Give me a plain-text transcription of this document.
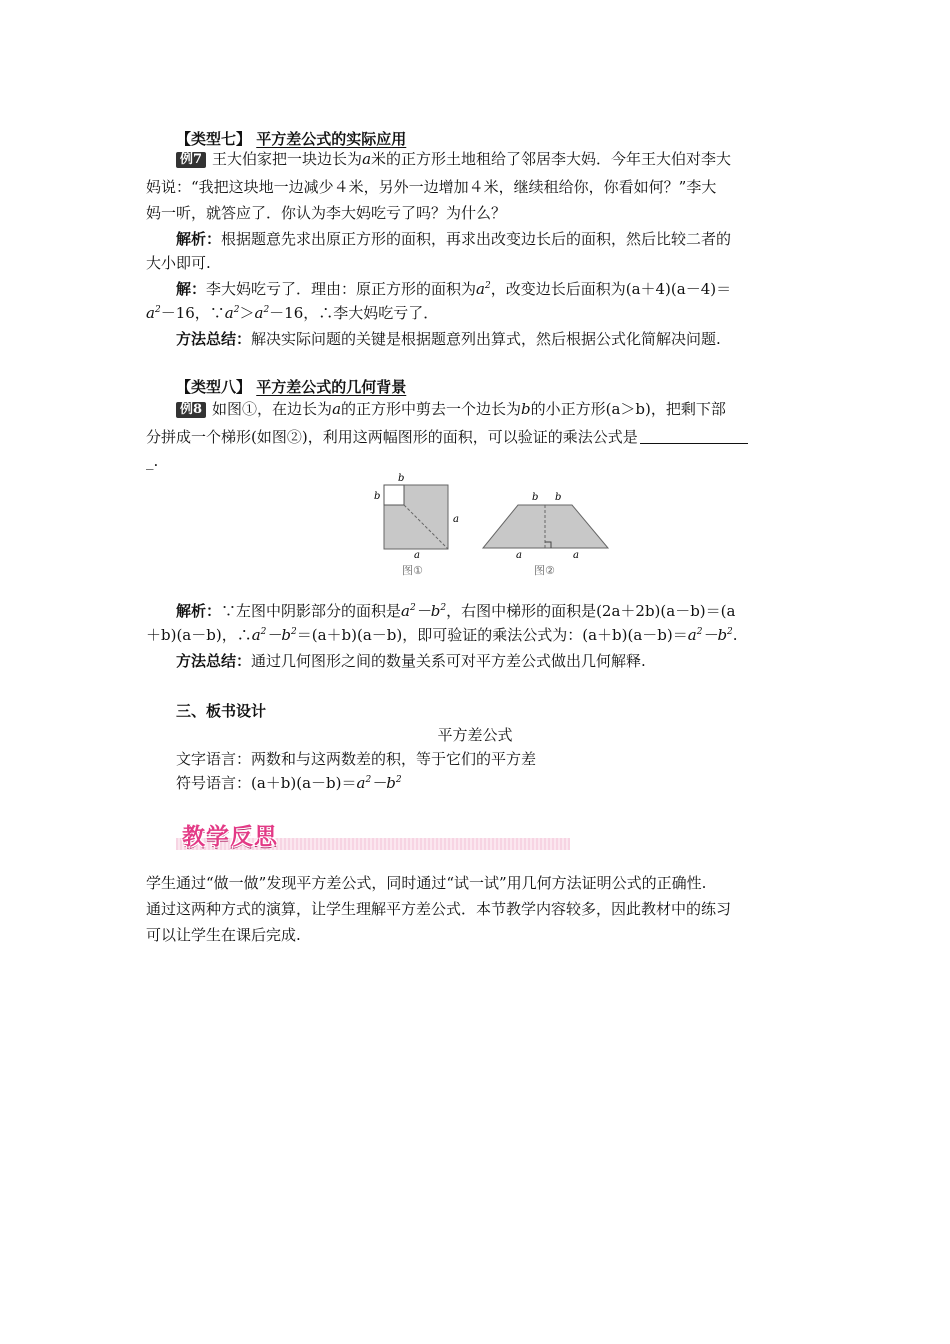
【类型七】 平方差公式的实际应用
例7 王大伯家把一块边长为a米的正方形土地租给了邻居李大妈．今年王大伯对李大
妈说：“我把这块地一边减少４米，另外一边增加４米，继续租给你，你看如何？”李大
妈一听，就答应了．你认为李大妈吃亏了吗？为什么？
解析：根据题意先求出原正方形的面积，再求出改变边长后的面积，然后比较二者的
大小即可.
解：李大妈吃亏了．理由：原正方形的面积为$a^2$，改变边长后面积为(a＋4)(a－4)＝
$a^2-16$，$\because a^2>a^2-16$，∴李大妈吃亏了．
方法总结：解决实际问题的关键是根据题意列出算式，然后根据公式化简解决问题.
【类型八】 平方差公式的几何背景
例8 如图①，在边长为a的正方形中剪去一个边长为b的小正方形(a＞b)，把剩下部
分拼成一个梯形(如图②)，利用这两幅图形的面积，可以验证的乘法公式是
_.
b
b
a
a
b b
a	a
图①	图②
解析：∵左图中阴影部分的面积是$a^2-b^2$，右图中梯形的面积是(2a＋2b)(a－b)＝(a
＋b)(a－b)，$\therefore a^2-b^2=(a+b)(a-b)$，即可验证的乘法公式为：$(a+b)(a-b)=a^2-b^2$.
方法总结：通过几何图形之间的数量关系可对平方差公式做出几何解释.
三、板书设计
平方差公式
文字语言：两数和与这两数差的积，等于它们的平方差
符号语言：$(a+b)(a-b)=a^2-b^2$
教学反思
学生通过“做一做”发现平方差公式，同时通过“试一试”用几何方法证明公式的正确性.
通过这两种方式的演算，让学生理解平方差公式．本节教学内容较多，因此教材中的练习
可以让学生在课后完成.
